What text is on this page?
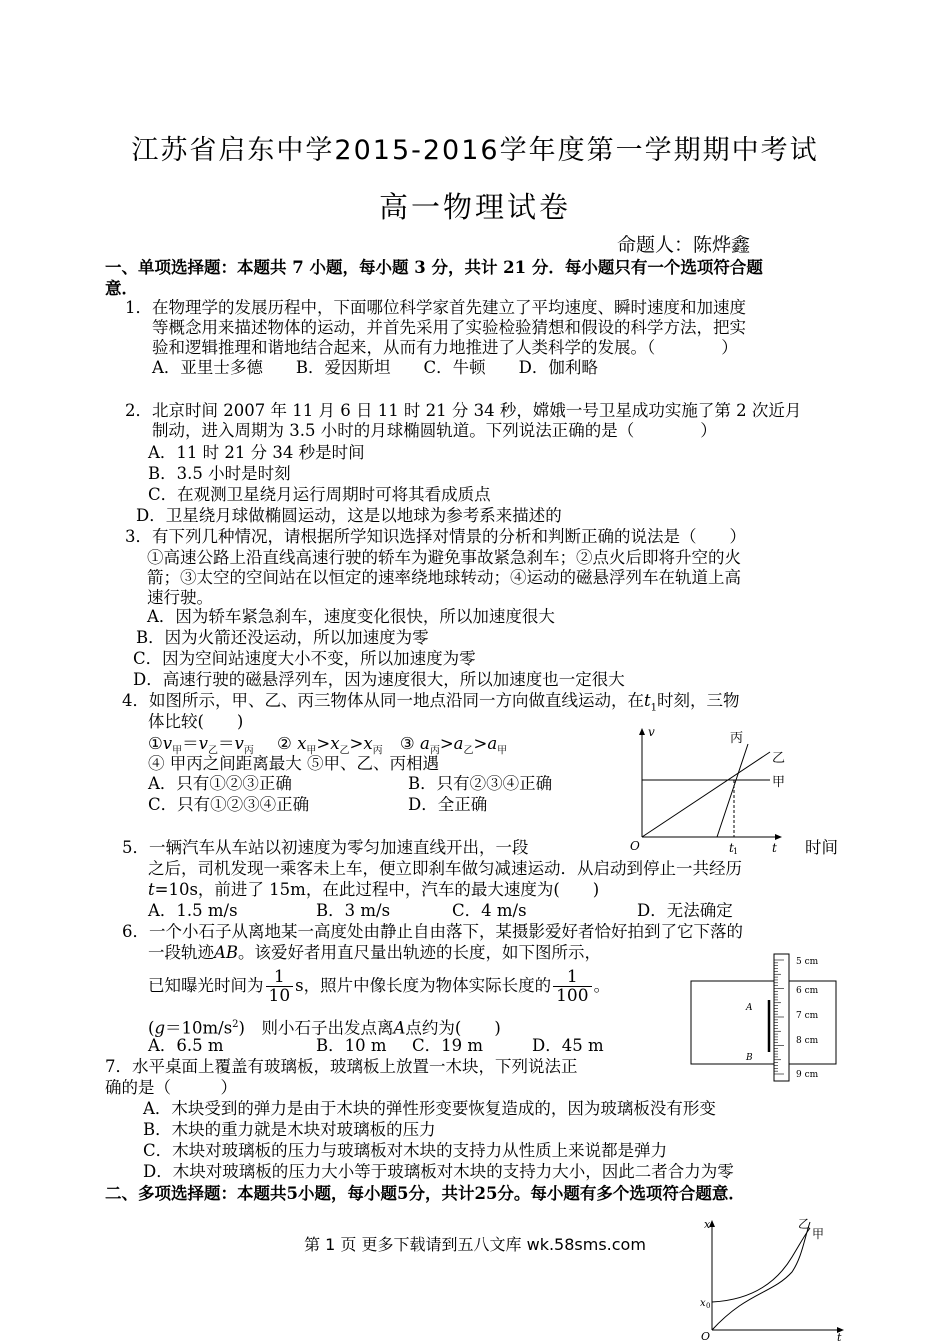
江苏省启东中学2015-2016学年度第一学期期中考试
高一物理试卷
命题人：陈烨鑫
一、单项选择题：本题共 7 小题，每小题 3 分，共计 21 分．每小题只有一个选项符合题
意．
1．在物理学的发展历程中，下面哪位科学家首先建立了平均速度、瞬时速度和加速度
等概念用来描述物体的运动，并首先采用了实验检验猜想和假设的科学方法，把实
验和逻辑推理和谐地结合起来，从而有力地推进了人类科学的发展。（　　　　）
A．亚里士多德　　B．爱因斯坦　　C．牛顿　　D．伽利略
2．北京时间 2007 年 11 月 6 日 11 时 21 分 34 秒，嫦娥一号卫星成功实施了第 2 次近月
制动，进入周期为 3.5 小时的月球椭圆轨道。下列说法正确的是（　　　　）
A．11 时 21 分 34 秒是时间
B．3.5 小时是时刻
C．在观测卫星绕月运行周期时可将其看成质点
D．卫星绕月球做椭圆运动，这是以地球为参考系来描述的
3．有下列几种情况，请根据所学知识选择对情景的分析和判断正确的说法是（　　）
①高速公路上沿直线高速行驶的轿车为避免事故紧急刹车；②点火后即将升空的火
箭；③太空的空间站在以恒定的速率绕地球转动；④运动的磁悬浮列车在轨道上高
速行驶。
A．因为轿车紧急刹车，速度变化很快，所以加速度很大
B．因为火箭还没运动，所以加速度为零
C．因为空间站速度大小不变，所以加速度为零
D．高速行驶的磁悬浮列车，因为速度很大，所以加速度也一定很大
4．如图所示，甲、乙、丙三物体从同一地点沿同一方向做直线运动，在$t_1$时刻，三物
体比较(　　)
$①v_甲=v_乙=v_丙$ ② $x_甲>x_乙>x_丙$ ③ $a_丙>a_乙>a_甲$
④ 甲丙之间距离最大 ⑤甲、乙、丙相遇
A．只有①②③正确	B．只有②③④正确
C．只有①②③④正确	D．全正确
v
t
O	t 1
丙
乙
甲
5．一辆汽车从车站以初速度为零匀加速直线开出，一段	时间
之后，司机发现一乘客未上车，便立即刹车做匀减速运动．从启动到停止一共经历
t=10s，前进了 15m，在此过程中，汽车的最大速度为(　　)
A．1.5 m/s	B．3 m/s	C．4 m/s	D．无法确定
6．一个小石子从离地某一高度处由静止自由落下，某摄影爱好者恰好拍到了它下落的
一段轨迹AB。该爱好者用直尺量出轨迹的长度，如下图所示，
已知曝光时间为 $\frac{1}{10}$ s，照片中像长度为物体实际长度的 $\frac{1}{100}$ 。
$(g=10m/s^2)$　则小石子出发点离A点约为(　　)
A．6.5 m	B．10 m C．19 m	D．45 m
A
B
5 cm
6 cm
7 cm
8 cm
9 cm
7．水平桌面上覆盖有玻璃板，玻璃板上放置一木块，下列说法正
确的是（　　　）
A．木块受到的弹力是由于木块的弹性形变要恢复造成的，因为玻璃板没有形变
B．木块的重力就是木块对玻璃板的压力
C．木块对玻璃板的压力与玻璃板对木块的支持力从性质上来说都是弹力
D．木块对玻璃板的压力大小等于玻璃板对木块的支持力大小，因此二者合力为零
二、多项选择题：本题共5小题，每小题5分，共计25分。每小题有多个选项符合题意．
第 1 页 更多下载请到五八文库 wk.58sms.com
x
x 0
O	t
乙
甲
